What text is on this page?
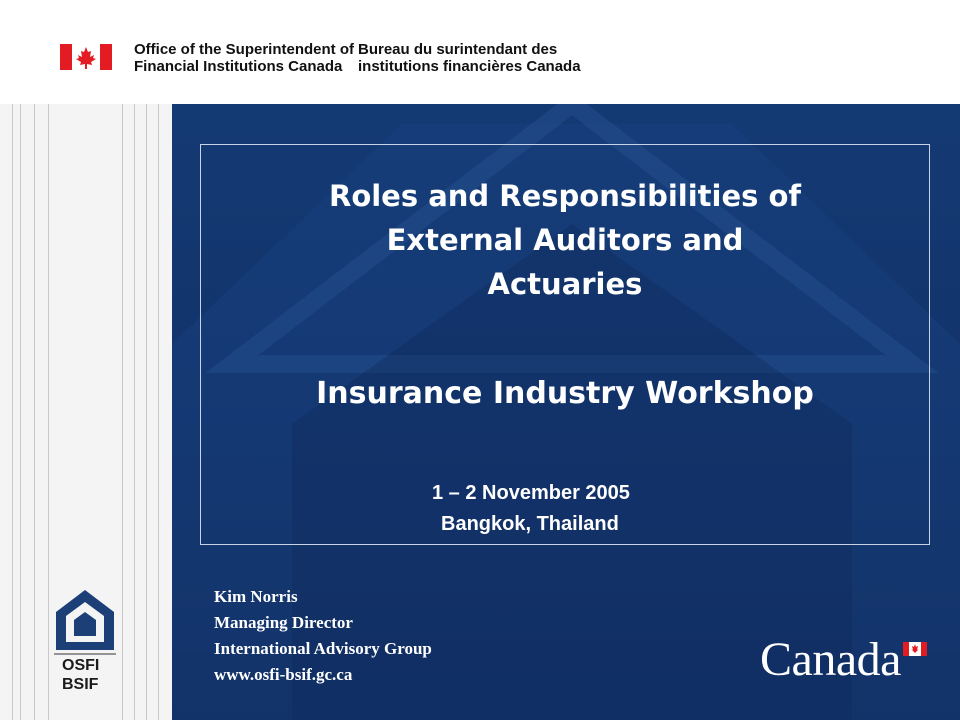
Office of the Superintendent of
Financial Institutions Canada
Bureau du surintendant des
institutions financières Canada
Roles and Responsibilities of
External Auditors and
Actuaries
Insurance Industry Workshop
1 – 2 November 2005
Bangkok, Thailand
Kim Norris
Managing Director
International Advisory Group
www.osfi-bsif.gc.ca
OSFI
BSIF	Canada
